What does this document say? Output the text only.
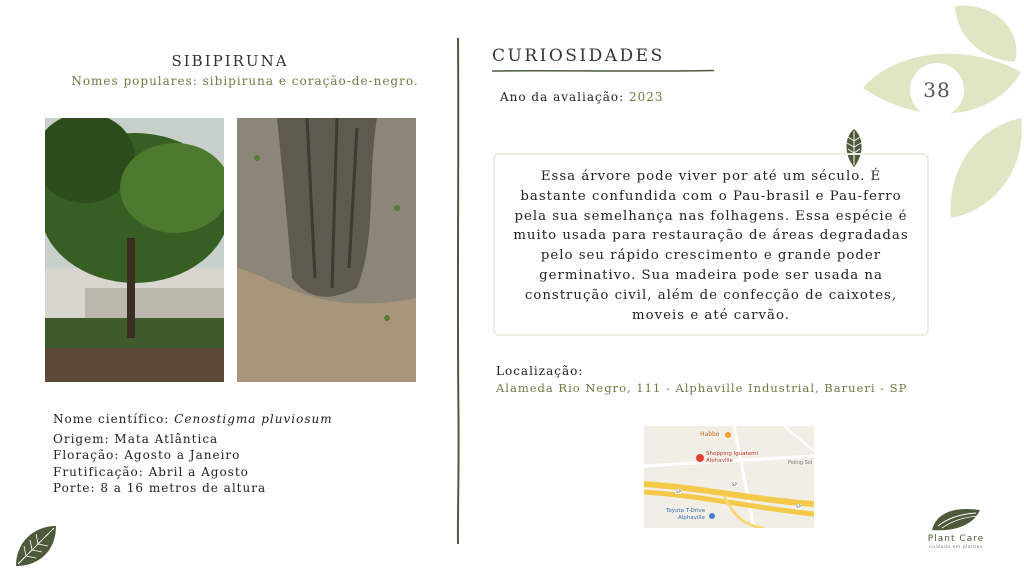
38
SIBIPIRUNA
Nomes populares: sibipiruna e coração-de-negro.
Nome científico: Cenostigma pluviosum
Origem: Mata Atlântica
Floração: Agosto a Janeiro
Frutificação: Abril a Agosto
Porte: 8 a 16 metros de altura
CURIOSIDADES
Ano da avaliação: 2023
Essa árvore pode viver por até um século. É bastante confundida com o Pau-brasil e Pau-ferro pela sua semelhança nas folhagens. Essa espécie é muito usada para restauração de áreas degradadas pelo seu rápido crescimento e grande poder germinativo. Sua madeira pode ser usada na construção civil, além de confecção de caixotes, moveis e até carvão.
Localização:
Alameda Rio Negro, 111 - Alphaville Industrial, Barueri - SP
Habbo
Shopping Iguatemi
Alphaville	Peling Sol
Toyota T-Drive
Alphaville
SP
SP
SP
Plant Care
cuidado em plantas
